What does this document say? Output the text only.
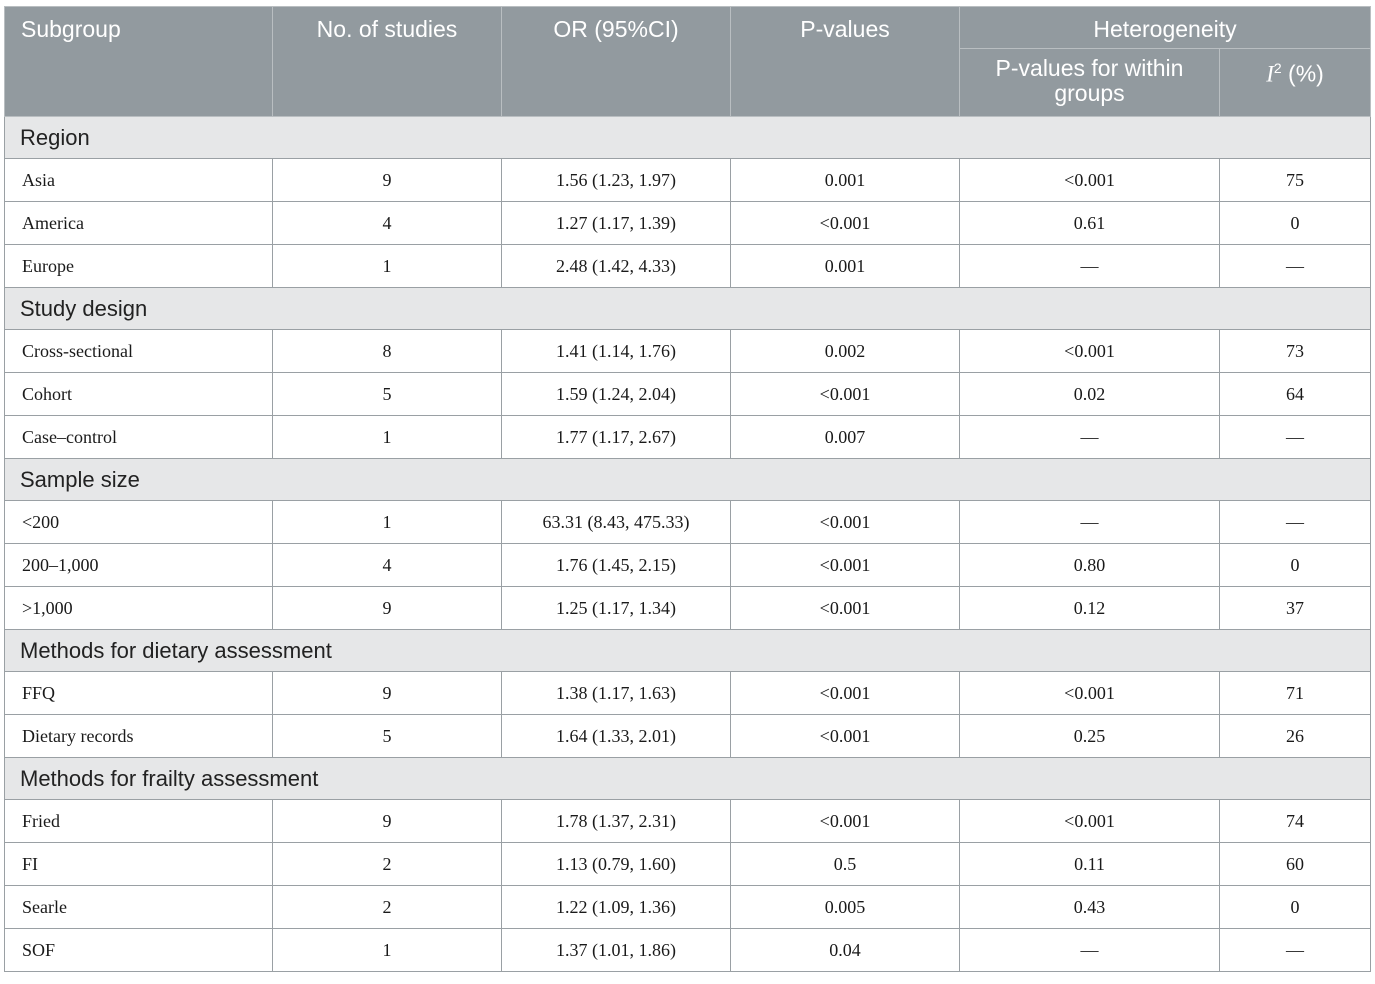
Subgroup	No. of studies	OR (95%CI)	P-values	Heterogeneity	
				P-values for within groups	$I^2$ (%)
Region					
Asia	9	1.56 (1.23, 1.97)	0.001	<0.001	75
America	4	1.27 (1.17, 1.39)	<0.001	0.61	0
Europe	1	2.48 (1.42, 4.33)	0.001	—	—
Study design					
Cross-sectional	8	1.41 (1.14, 1.76)	0.002	<0.001	73
Cohort	5	1.59 (1.24, 2.04)	<0.001	0.02	64
Case–control	1	1.77 (1.17, 2.67)	0.007	—	—
Sample size					
<200	1	63.31 (8.43, 475.33)	<0.001	—	—
200–1,000	4	1.76 (1.45, 2.15)	<0.001	0.80	0
>1,000	9	1.25 (1.17, 1.34)	<0.001	0.12	37
Methods for dietary assessment					
FFQ	9	1.38 (1.17, 1.63)	<0.001	<0.001	71
Dietary records	5	1.64 (1.33, 2.01)	<0.001	0.25	26
Methods for frailty assessment					
Fried	9	1.78 (1.37, 2.31)	<0.001	<0.001	74
FI	2	1.13 (0.79, 1.60)	0.5	0.11	60
Searle	2	1.22 (1.09, 1.36)	0.005	0.43	0
SOF	1	1.37 (1.01, 1.86)	0.04	—	—
